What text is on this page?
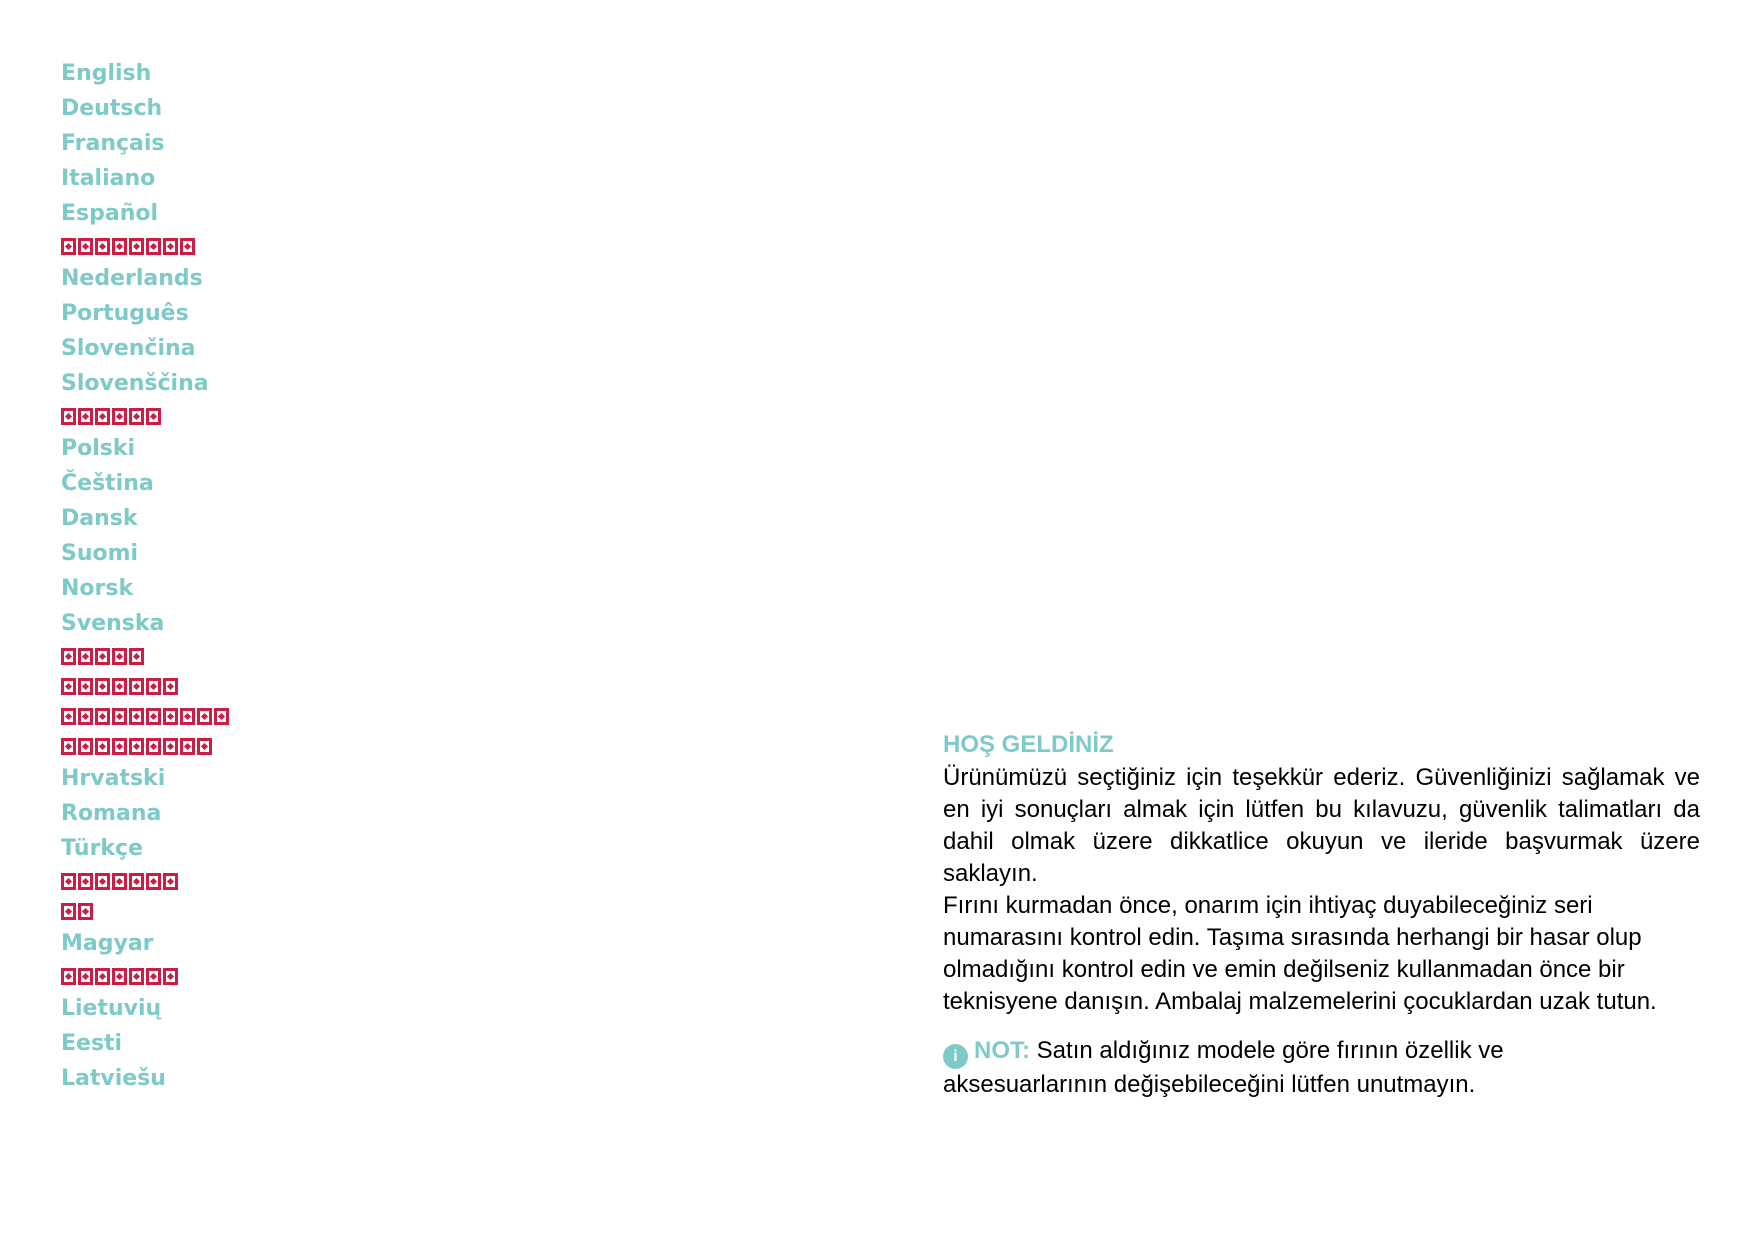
English
Deutsch
Français
Italiano
Español
Nederlands
Português
Slovenčina
Slovenščina
Polski
Čeština
Dansk
Suomi
Norsk
Svenska
Hrvatski
Romana
Türkçe
Magyar
Lietuvių
Eesti
Latviešu
HOŞ GELDİNİZ

Ürünümüzü seçtiğiniz için teşekkür ederiz. Güvenliğinizi sağlamak ve en iyi sonuçları almak için lütfen bu kılavuzu, güvenlik talimatları da dahil olmak üzere dikkatlice okuyun ve ileride başvurmak üzere saklayın.

Fırını kurmadan önce, onarım için ihtiyaç duyabileceğiniz seri
numarasını kontrol edin. Taşıma sırasında herhangi bir hasar olup
olmadığını kontrol edin ve emin değilseniz kullanmadan önce bir
teknisyene danışın. Ambalaj malzemelerini çocuklardan uzak tutun.

i NOT: Satın aldığınız modele göre fırının özellik ve
aksesuarlarının değişebileceğini lütfen unutmayın.
